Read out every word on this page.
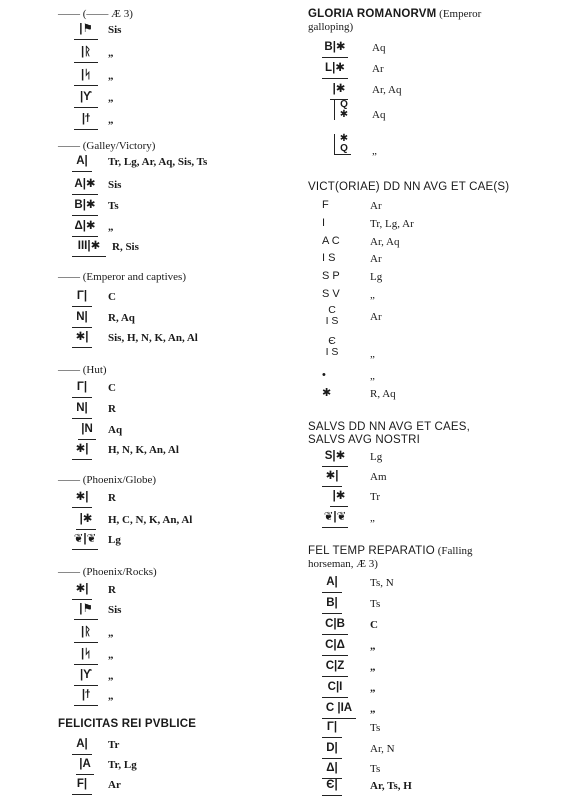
—— (—— Æ 3)
|⚑	Sis
|ᚱ	„
|ᛋ	„
|ϒ	„
|ϯ	„
—— (Galley/Victory)
A|	Tr, Lg, Ar, Aq, Sis, Ts
A|✱ Sis
B|✱ Ts
Δ|✱ „
III|✱	R, Sis
—— (Emperor and captives)
Γ|	C
N|	R, Aq
✱|	Sis, H, N, K, An, Al
—— (Hut)
Γ|	C
N|	R
|N Aq
✱|	H, N, K, An, Al
—— (Phoenix/Globe)
✱|	R
|✱	H, C, N, K, An, Al
❦|❦ Lg
—— (Phoenix/Rocks)
✱|	R
|⚑	Sis
|ᚱ	„
|ᛋ	„
|ϒ	„
|ϯ	„
FELICITAS REI PVBLICE
A|	Tr
|A Tr, Lg
F|	Ar
GLORIA ROMANORVM (Emperor
galloping)
B|✱ Aq
L|✱ Ar
|✱ Ar, Aq
Q
✱ Aq
✱
Q „
VICT(ORIAE) DD NN AVG ET CAE(S)
F	Ar
I	Tr, Lg, Ar
A C	Ar, Aq
I S	Ar
S P	Lg
S V	„
C
I S	Ar
Є
I S	„
•	„
✱	R, Aq
SALVS DD NN AVG ET CAES,
SALVS AVG NOSTRI
S|✱ Lg
✱|	Am
|✱ Tr
❦|❦ „
FEL TEMP REPARATIO (Falling
horseman, Æ 3)
A|	Ts, N
B|	Ts
C|B C
C|Δ „
C|Z	„
C|I	„
C |IA	„
Γ|	Ts
D|	Ar, N
Δ|	Ts
Є|	Ar, Ts, H
